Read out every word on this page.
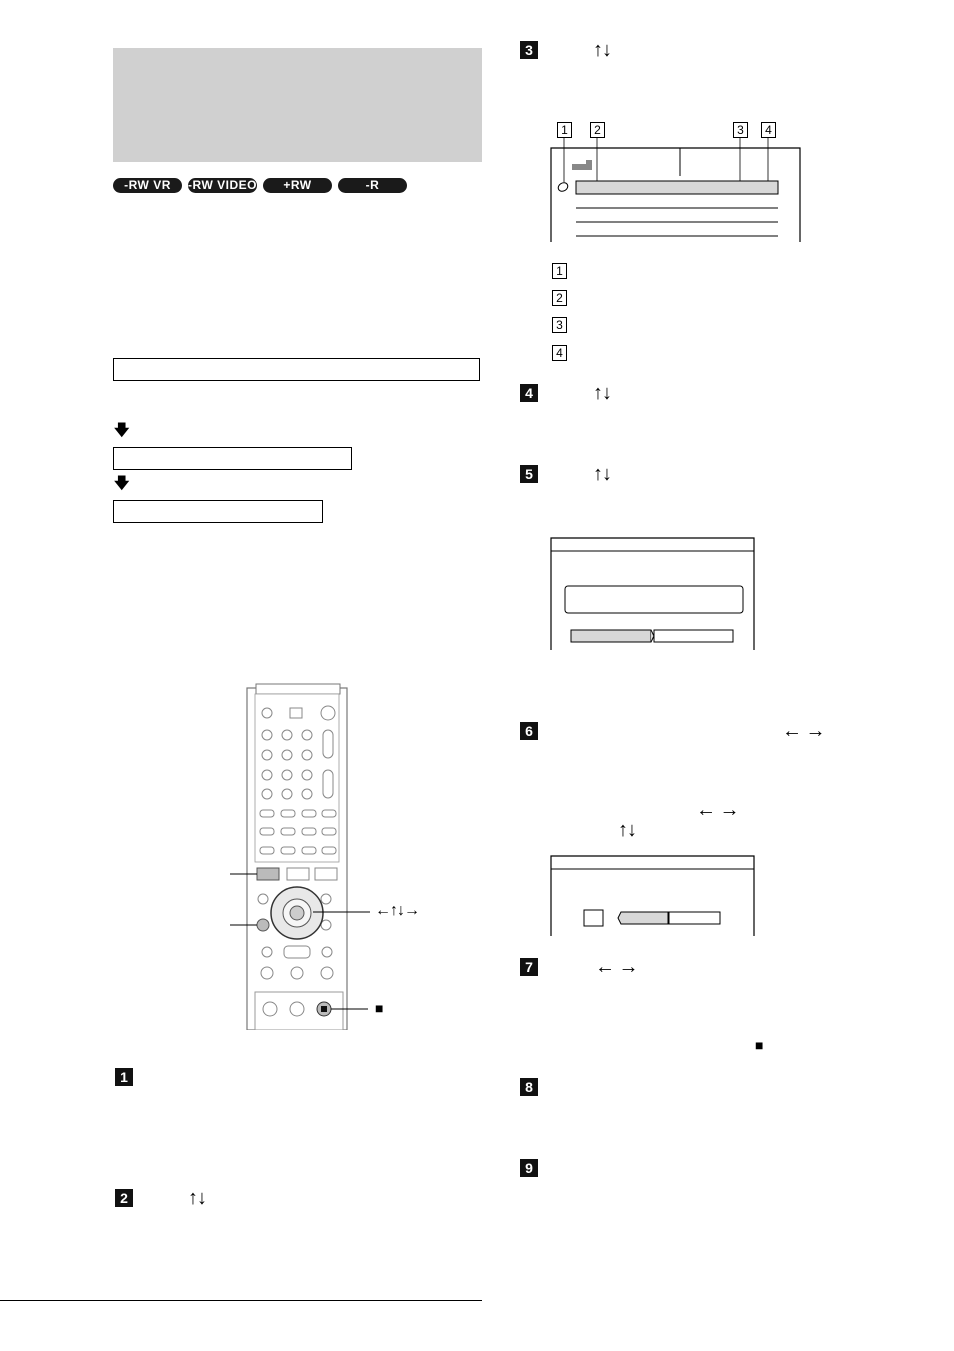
-RW VR	-RW VIDEO	+RW	-R
🡇
🡇
←↑↓→
■
1
2	↑↓
3	↑↓
1	2	3	4
1
2
3
4
4	↑↓
5	↑↓
6	← →
← →
↑↓
7	← →
■
8
9
